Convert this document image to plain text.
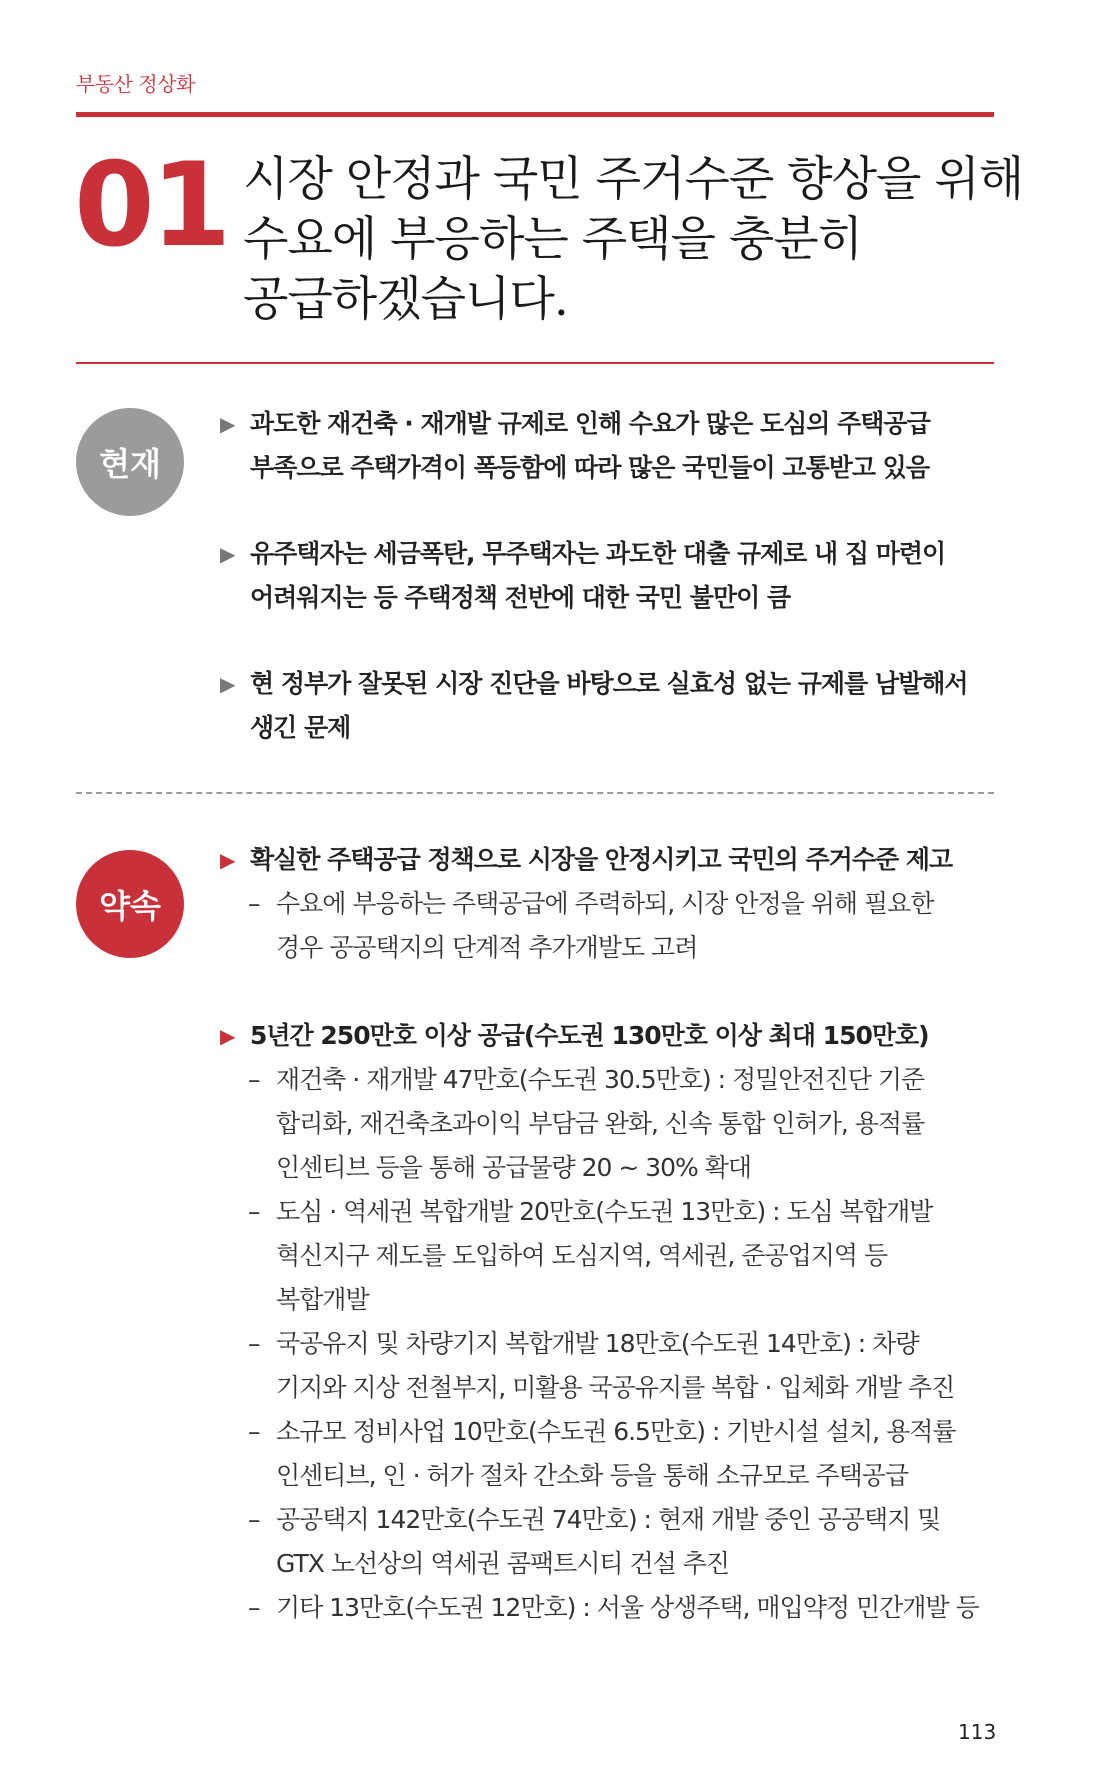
부동산 정상화
01 시장 안정과 국민 주거수준 향상을 위해
수요에 부응하는 주택을 충분히
공급하겠습니다.
현재
▶ 과도한 재건축 · 재개발 규제로 인해 수요가 많은 도심의 주택공급
부족으로 주택가격이 폭등함에 따라 많은 국민들이 고통받고 있음
▶ 유주택자는 세금폭탄, 무주택자는 과도한 대출 규제로 내 집 마련이
어려워지는 등 주택정책 전반에 대한 국민 불만이 큼
▶ 현 정부가 잘못된 시장 진단을 바탕으로 실효성 없는 규제를 남발해서
생긴 문제
약속
▶ 확실한 주택공급 정책으로 시장을 안정시키고 국민의 주거수준 제고
– 수요에 부응하는 주택공급에 주력하되, 시장 안정을 위해 필요한
경우 공공택지의 단계적 추가개발도 고려
▶ 5년간 250만호 이상 공급(수도권 130만호 이상 최대 150만호)
– 재건축 · 재개발 47만호(수도권 30.5만호) : 정밀안전진단 기준
합리화, 재건축초과이익 부담금 완화, 신속 통합 인허가, 용적률
인센티브 등을 통해 공급물량 20 ~ 30% 확대
– 도심 · 역세권 복합개발 20만호(수도권 13만호) : 도심 복합개발
혁신지구 제도를 도입하여 도심지역, 역세권, 준공업지역 등
복합개발
– 국공유지 및 차량기지 복합개발 18만호(수도권 14만호) : 차량
기지와 지상 전철부지, 미활용 국공유지를 복합 · 입체화 개발 추진
– 소규모 정비사업 10만호(수도권 6.5만호) : 기반시설 설치, 용적률
인센티브, 인 · 허가 절차 간소화 등을 통해 소규모로 주택공급
– 공공택지 142만호(수도권 74만호) : 현재 개발 중인 공공택지 및
GTX 노선상의 역세권 콤팩트시티 건설 추진
– 기타 13만호(수도권 12만호) : 서울 상생주택, 매입약정 민간개발 등
113
